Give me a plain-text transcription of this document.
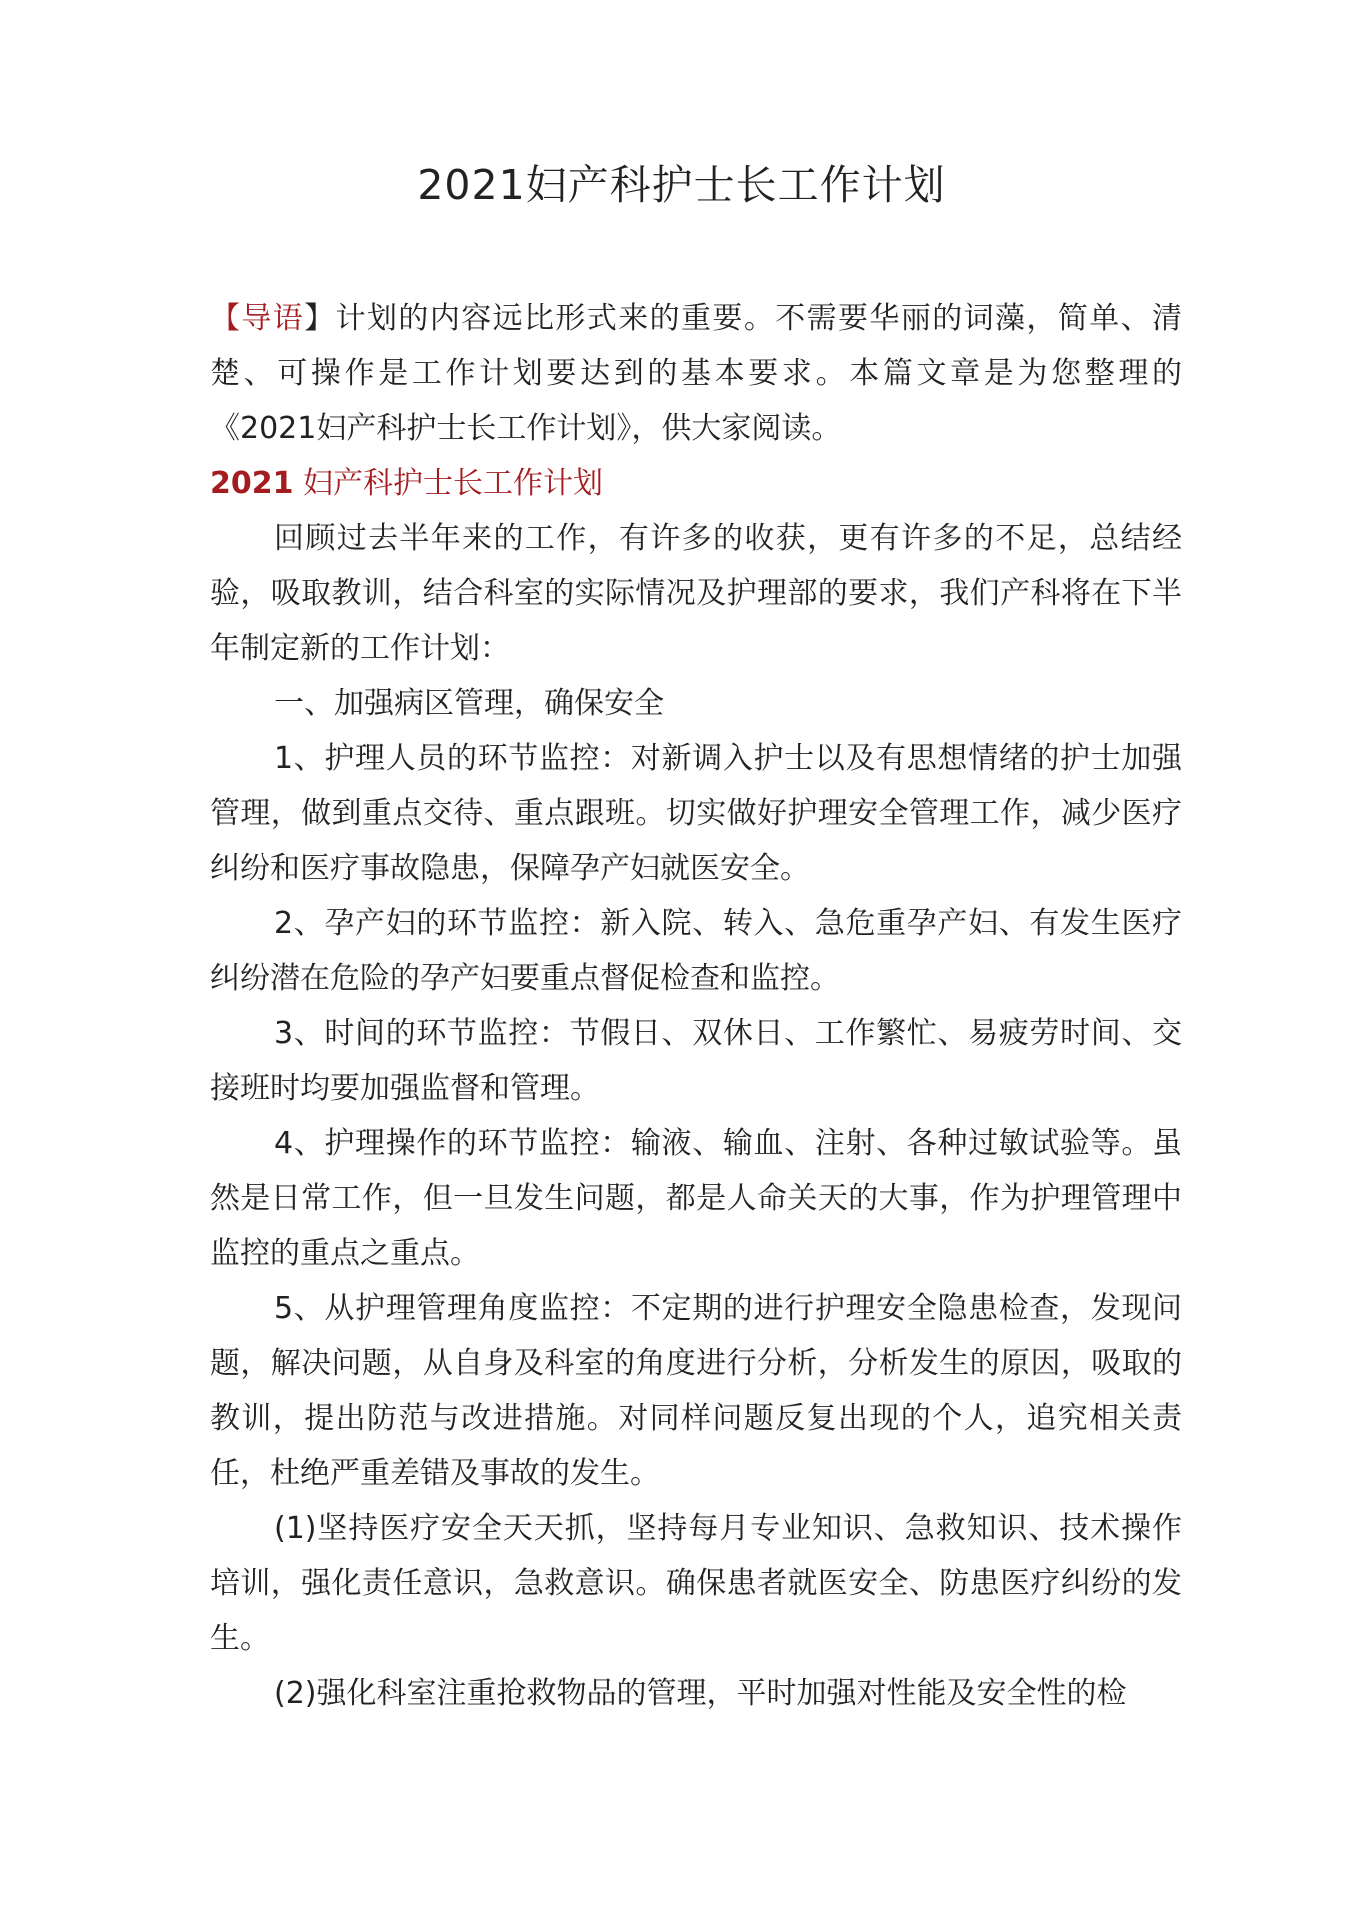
2021妇产科护士长工作计划

【导语】计划的内容远比形式来的重要。不需要华丽的词藻，简单、清楚、可操作是工作计划要达到的基本要求。本篇文章是为您整理的《2021妇产科护士长工作计划》，供大家阅读。

2021 妇产科护士长工作计划

回顾过去半年来的工作，有许多的收获，更有许多的不足，总结经验，吸取教训，结合科室的实际情况及护理部的要求，我们产科将在下半年制定新的工作计划：

一、加强病区管理，确保安全

1、护理人员的环节监控：对新调入护士以及有思想情绪的护士加强管理，做到重点交待、重点跟班。切实做好护理安全管理工作，减少医疗纠纷和医疗事故隐患，保障孕产妇就医安全。

2、孕产妇的环节监控：新入院、转入、急危重孕产妇、有发生医疗纠纷潜在危险的孕产妇要重点督促检查和监控。

3、时间的环节监控：节假日、双休日、工作繁忙、易疲劳时间、交接班时均要加强监督和管理。

4、护理操作的环节监控：输液、输血、注射、各种过敏试验等。虽然是日常工作，但一旦发生问题，都是人命关天的大事，作为护理管理中监控的重点之重点。

5、从护理管理角度监控：不定期的进行护理安全隐患检查，发现问题，解决问题，从自身及科室的角度进行分析，分析发生的原因，吸取的教训，提出防范与改进措施。对同样问题反复出现的个人，追究相关责任，杜绝严重差错及事故的发生。

(1)坚持医疗安全天天抓，坚持每月专业知识、急救知识、技术操作培训，强化责任意识，急救意识。确保患者就医安全、防患医疗纠纷的发生。

(2)强化科室注重抢救物品的管理，平时加强对性能及安全性的检
